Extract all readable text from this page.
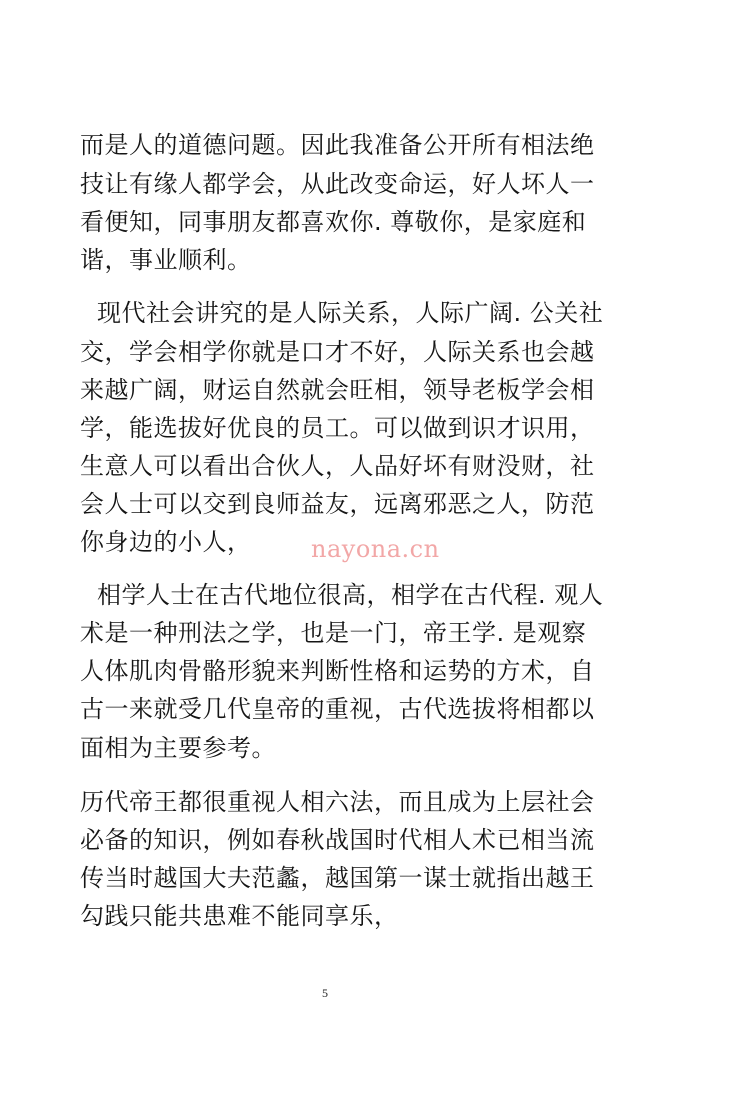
而是人的道德问题。因此我准备公开所有相法绝
技让有缘人都学会，从此改变命运，好人坏人一
看便知，同事朋友都喜欢你. 尊敬你，是家庭和
谐，事业顺利。
现代社会讲究的是人际关系，人际广阔. 公关社
交，学会相学你就是口才不好，人际关系也会越
来越广阔，财运自然就会旺相，领导老板学会相
学，能选拔好优良的员工。可以做到识才识用，
生意人可以看出合伙人，人品好坏有财没财，社
会人士可以交到良师益友，远离邪恶之人，防范
你身边的小人，
相学人士在古代地位很高，相学在古代程. 观人
术是一种刑法之学，也是一门，帝王学. 是观察
人体肌肉骨骼形貌来判断性格和运势的方术，自
古一来就受几代皇帝的重视，古代选拔将相都以
面相为主要参考。
历代帝王都很重视人相六法，而且成为上层社会
必备的知识，例如春秋战国时代相人术已相当流
传当时越国大夫范蠡，越国第一谋士就指出越王
勾践只能共患难不能同享乐，
nayona.cn
5
